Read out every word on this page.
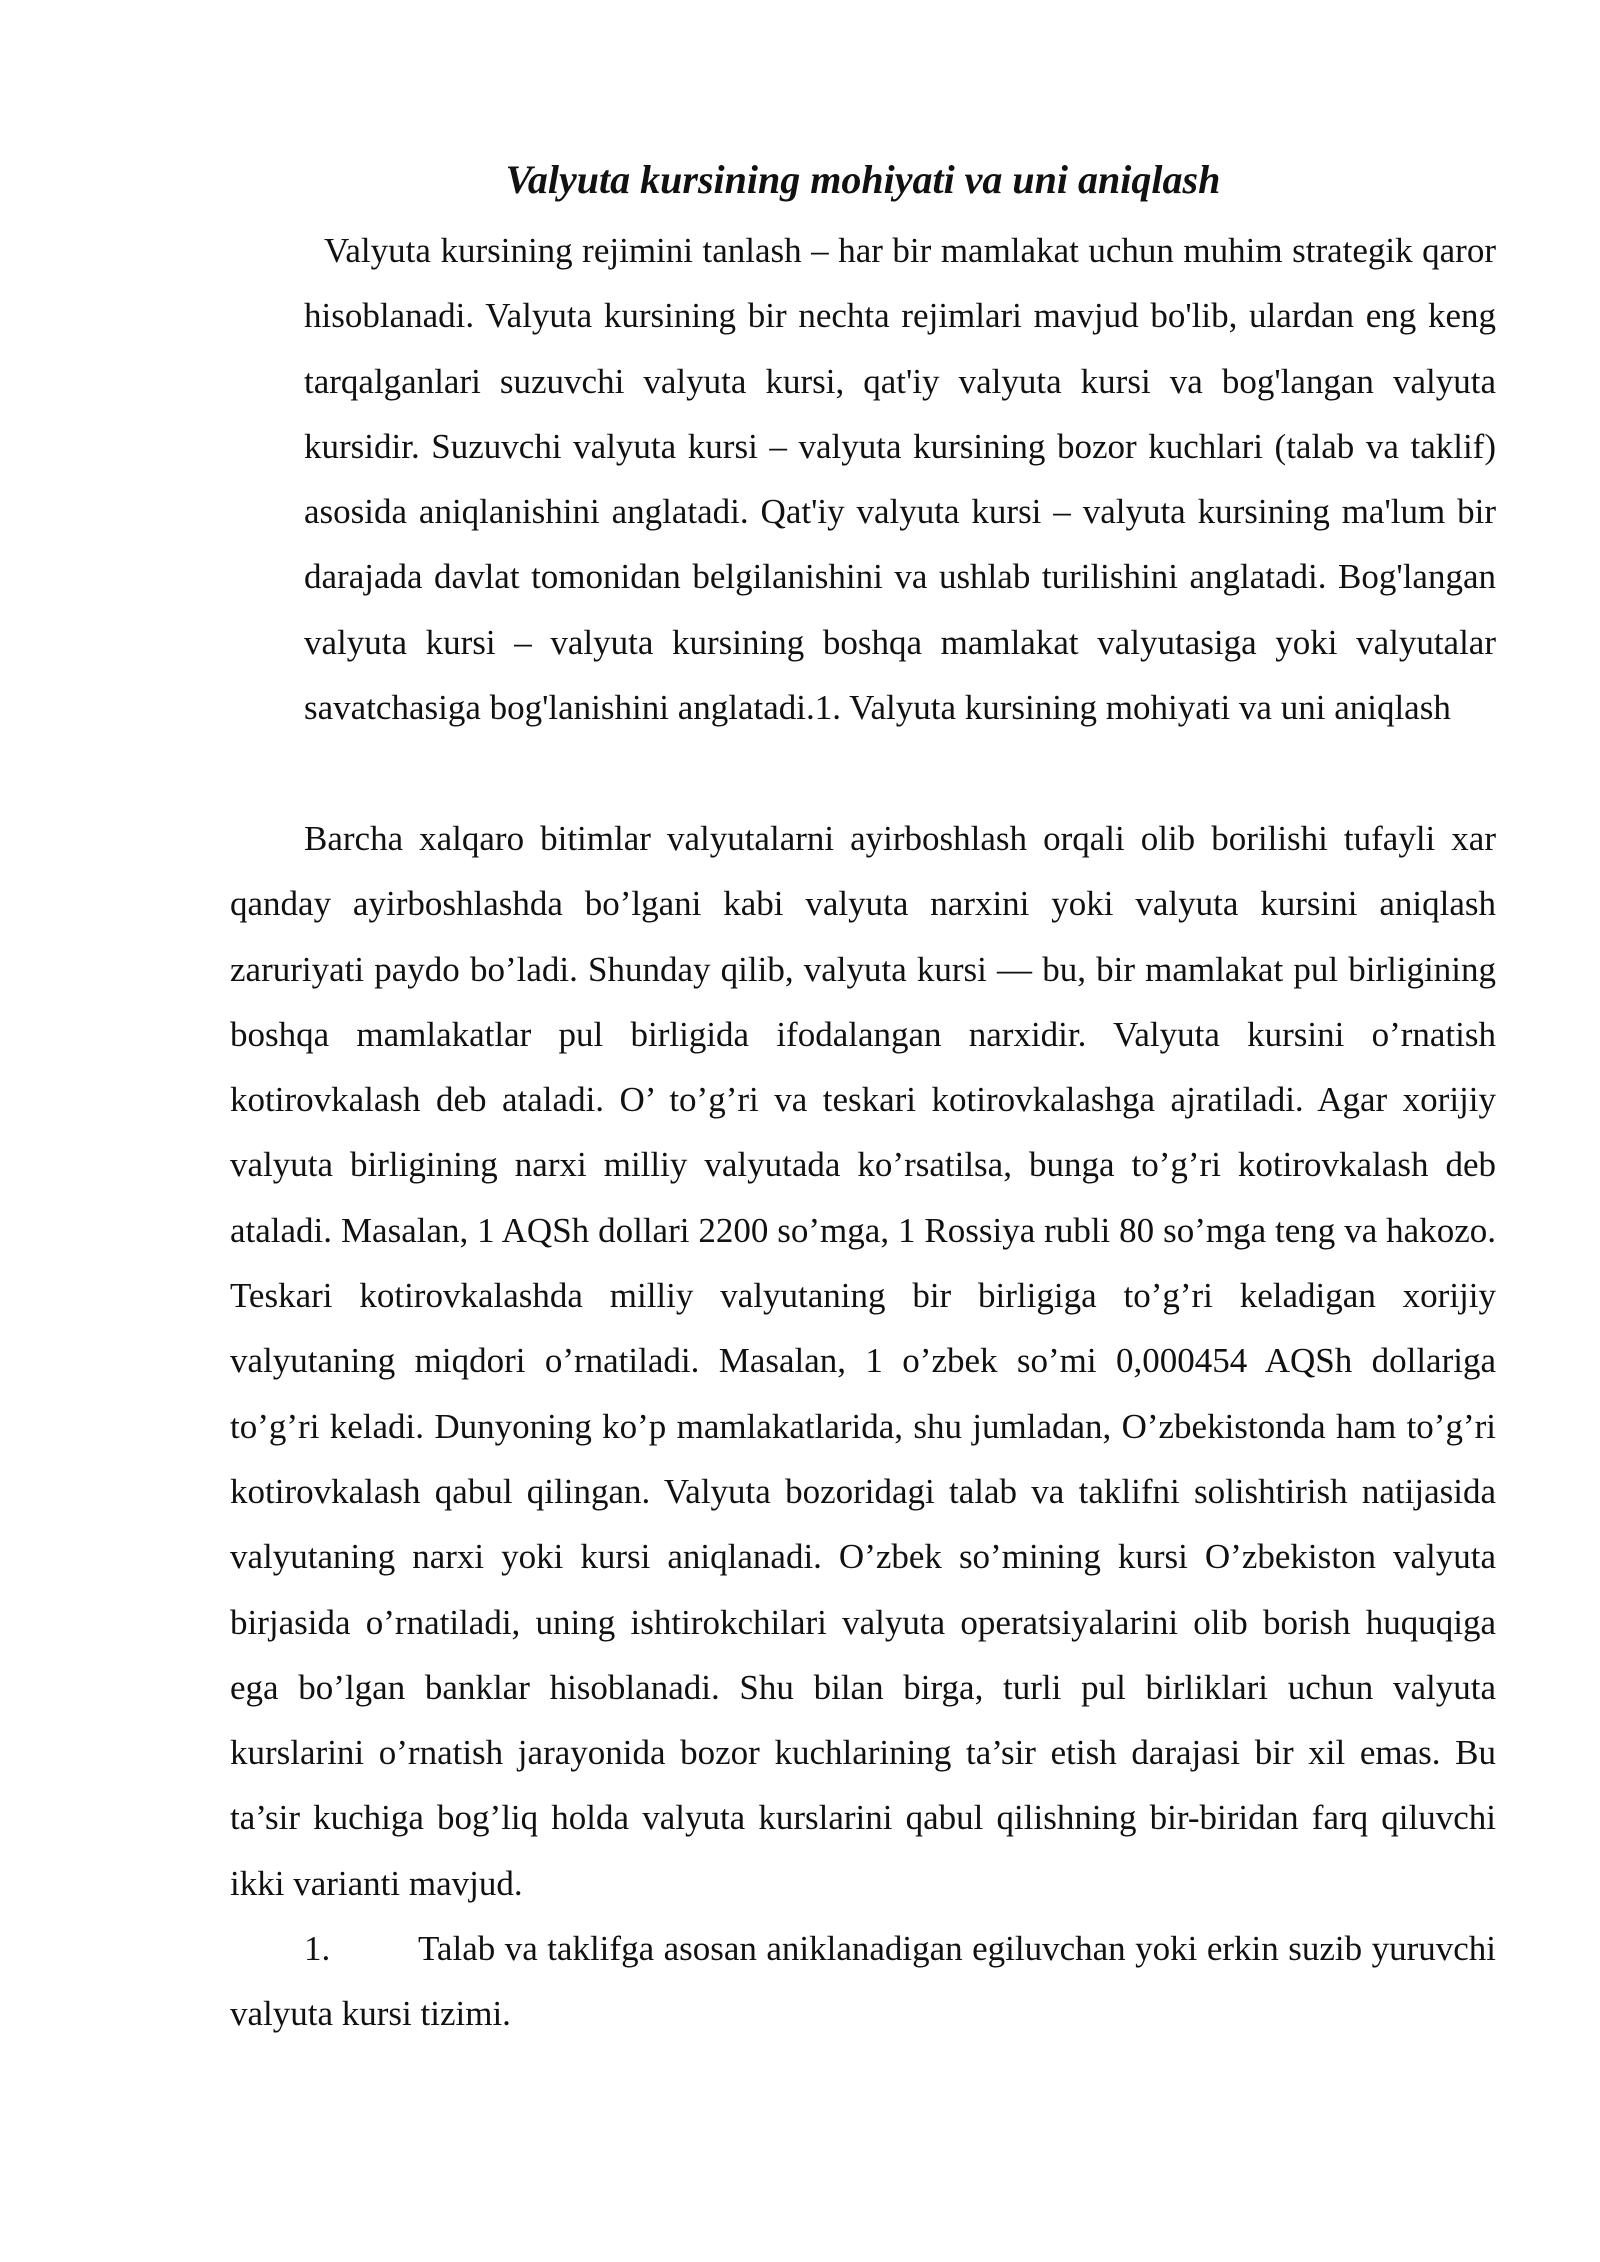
Valyuta kursining mohiyati va uni aniqlash

Valyuta kursining rejimini tanlash – har bir mamlakat uchun muhim strategik qaror hisoblanadi. Valyuta kursining bir nechta rejimlari mavjud bo'lib, ulardan eng keng tarqalganlari suzuvchi valyuta kursi, qat'iy valyuta kursi va bog'langan valyuta kursidir. Suzuvchi valyuta kursi – valyuta kursining bozor kuchlari (talab va taklif) asosida aniqlanishini anglatadi. Qat'iy valyuta kursi – valyuta kursining ma'lum bir darajada davlat tomonidan belgilanishini va ushlab turilishini anglatadi. Bog'langan valyuta kursi – valyuta kursining boshqa mamlakat valyutasiga yoki valyutalar savatchasiga bog'lanishini anglatadi.1. Valyuta kursining mohiyati va uni aniqlash

Barcha xalqaro bitimlar valyutalarni ayirboshlash orqali olib borilishi tufayli xar qanday ayirboshlashda bo’lgani kabi valyuta narxini yoki valyuta kursini aniqlash zaruriyati paydo bo’ladi. Shunday qilib, valyuta kursi — bu, bir mamlakat pul birligining boshqa mamlakatlar pul birligida ifodalangan narxidir. Valyuta kursini o’rnatish kotirovkalash deb ataladi. O’ to’g’ri va teskari kotirovkalashga ajratiladi. Agar xorijiy valyuta birligining narxi milliy valyutada ko’rsatilsa, bunga to’g’ri kotirovkalash deb ataladi. Masalan, 1 AQSh dollari 2200 so’mga, 1 Rossiya rubli 80 so’mga teng va hakozo. Teskari kotirovkalashda milliy valyutaning bir birligiga to’g’ri keladigan xorijiy valyutaning miqdori o’rnatiladi. Masalan, 1 o’zbek so’mi 0,000454 AQSh dollariga to’g’ri keladi. Dunyoning ko’p mamlakatlarida, shu jumladan, O’zbekistonda ham to’g’ri kotirovkalash qabul qilingan. Valyuta bozoridagi talab va taklifni solishtirish natijasida valyutaning narxi yoki kursi aniqlanadi. O’zbek so’mining kursi O’zbekiston valyuta birjasida o’rnatiladi, uning ishtirokchilari valyuta operatsiyalarini olib borish huquqiga ega bo’lgan banklar hisoblanadi. Shu bilan birga, turli pul birliklari uchun valyuta kurslarini o’rnatish jarayonida bozor kuchlarining ta’sir etish darajasi bir xil emas. Bu ta’sir kuchiga bog’liq holda valyuta kurslarini qabul qilishning bir-biridan farq qiluvchi ikki varianti mavjud.

1.	Talab va taklifga asosan aniklanadigan egiluvchan yoki erkin suzib yuruvchi valyuta kursi tizimi.
